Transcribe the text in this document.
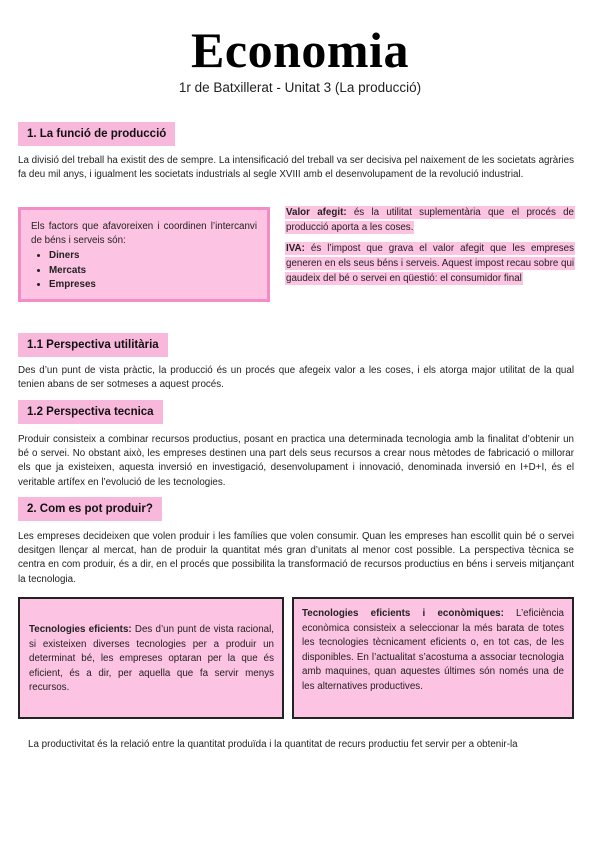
Economia
1r de Batxillerat - Unitat 3 (La producció)
1. La funció de producció
La divisió del treball ha existit des de sempre. La intensificació del treball va ser decisiva pel naixement de les societats agràries fa deu mil anys, i igualment les societats industrials al segle XVIII amb el desenvolupament de la revolució industrial.
Els factors que afavoreixen i coordinen l’intercanvi de béns i serveis són:
• Diners
• Mercats
• Empreses
Valor afegit: és la utilitat suplementària que el procés de producció aporta a les coses.
IVA: és l’impost que grava el valor afegit que les empreses generen en els seus béns i serveis. Aquest impost recau sobre qui gaudeix del bé o servei en qüestió: el consumidor final
1.1 Perspectiva utilitària
Des d’un punt de vista pràctic, la producció és un procés que afegeix valor a les coses, i els atorga major utilitat de la qual tenien abans de ser sotmeses a aquest procés.
1.2 Perspectiva tecnica
Produir consisteix a combinar recursos productius, posant en practica una determinada tecnologia amb la finalitat d’obtenir un bé o servei. No obstant això, les empreses destinen una part dels seus recursos a crear nous mètodes de fabricació o millorar els que ja existeixen, aquesta inversió en investigació, desenvolupament i innovació, denominada inversió en I+D+I, és el veritable artífex en l’evolució de les tecnologies.
2. Com es pot produir?
Les empreses decideixen que volen produir i les famílies que volen consumir. Quan les empreses han escollit quin bé o servei desitgen llençar al mercat, han de produir la quantitat més gran d’unitats al menor cost possible. La perspectiva tècnica se centra en com produir, és a dir, en el procés que possibilita la transformació de recursos productius en béns i serveis mitjançant la tecnologia.
Tecnologies eficients: Des d’un punt de vista racional, si existeixen diverses tecnologies per a produir un determinat bé, les empreses optaran per la que és eficient, és a dir, per aquella que fa servir menys recursos.
Tecnologies eficients i econòmiques: L’eficiència econòmica consisteix a seleccionar la més barata de totes les tecnologies tècnicament eficients o, en tot cas, de les disponibles. En l’actualitat s’acostuma a associar tecnologia amb maquines, quan aquestes últimes són només una de les alternatives productives.
La productivitat és la relació entre la quantitat produïda i la quantitat de recurs productiu fet servir per a obtenir-la
